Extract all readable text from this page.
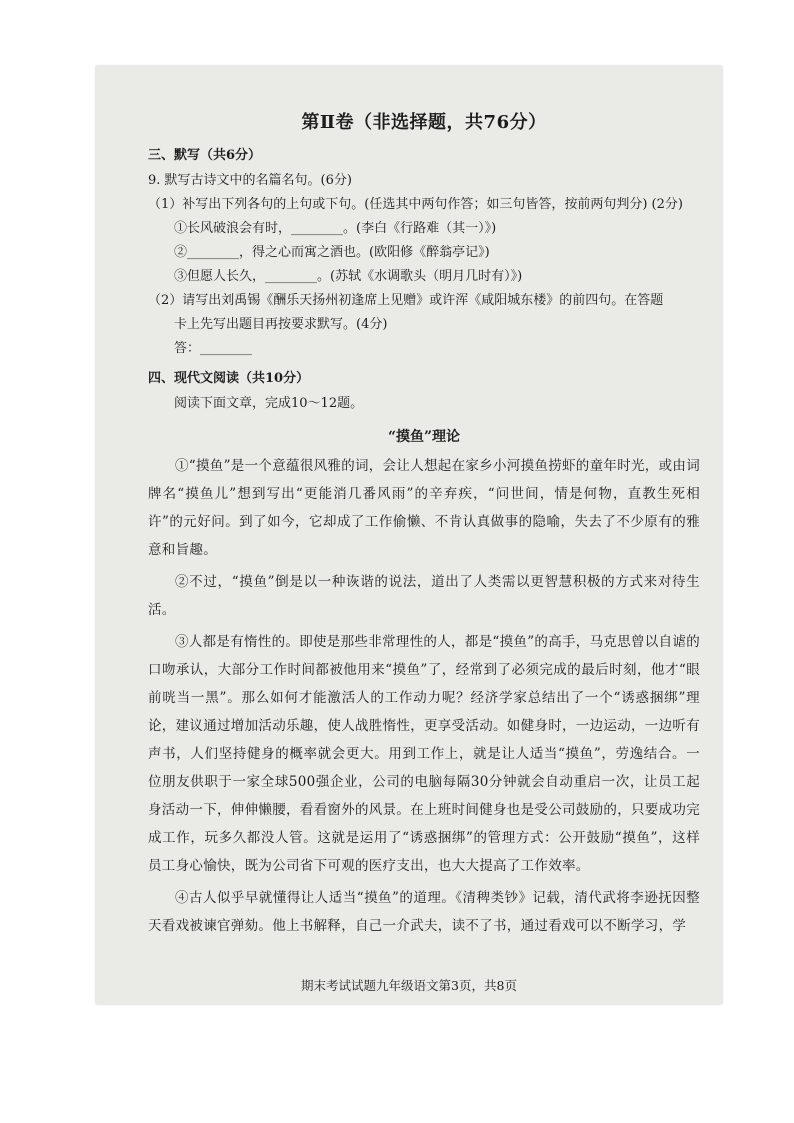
第Ⅱ卷（非选择题，共76分）
三、默写（共6分）

9. 默写古诗文中的名篇名句。(6分)

（1）补写出下列各句的上句或下句。(任选其中两句作答；如三句皆答，按前两句判分) (2分)

①长风破浪会有时，________。(李白《行路难（其一）》)

②________，得之心而寓之酒也。(欧阳修《醉翁亭记》)

③但愿人长久，________。(苏轼《水调歌头（明月几时有）》)

（2）请写出刘禹锡《酬乐天扬州初逢席上见赠》或许浑《咸阳城东楼》的前四句。在答题

卡上先写出题目再按要求默写。(4分)

答：________

四、现代文阅读（共10分）

阅读下面文章，完成10～12题。

“摸鱼”理论

①“摸鱼”是一个意蕴很风雅的词，会让人想起在家乡小河摸鱼捞虾的童年时光，或由词牌名“摸鱼儿”想到写出“更能消几番风雨”的辛弃疾，“问世间，情是何物，直教生死相许”的元好问。到了如今，它却成了工作偷懒、不肯认真做事的隐喻，失去了不少原有的雅意和旨趣。

②不过，“摸鱼”倒是以一种诙谐的说法，道出了人类需以更智慧积极的方式来对待生活。

③人都是有惰性的。即使是那些非常理性的人，都是“摸鱼”的高手，马克思曾以自谑的口吻承认，大部分工作时间都被他用来“摸鱼”了，经常到了必须完成的最后时刻，他才“眼前咣当一黑”。那么如何才能激活人的工作动力呢？经济学家总结出了一个“诱惑捆绑”理论，建议通过增加活动乐趣，使人战胜惰性，更享受活动。如健身时，一边运动，一边听有声书，人们坚持健身的概率就会更大。用到工作上，就是让人适当“摸鱼”，劳逸结合。一位朋友供职于一家全球500强企业，公司的电脑每隔30分钟就会自动重启一次，让员工起身活动一下，伸伸懒腰，看看窗外的风景。在上班时间健身也是受公司鼓励的，只要成功完成工作，玩多久都没人管。这就是运用了“诱惑捆绑”的管理方式：公开鼓励“摸鱼”，这样员工身心愉快，既为公司省下可观的医疗支出，也大大提高了工作效率。

④古人似乎早就懂得让人适当“摸鱼”的道理。《清稗类钞》记载，清代武将李逊抚因整天看戏被谏官弹劾。他上书解释，自己一介武夫，读不了书，通过看戏可以不断学习，学

期末考试试题九年级语文第3页，共8页
